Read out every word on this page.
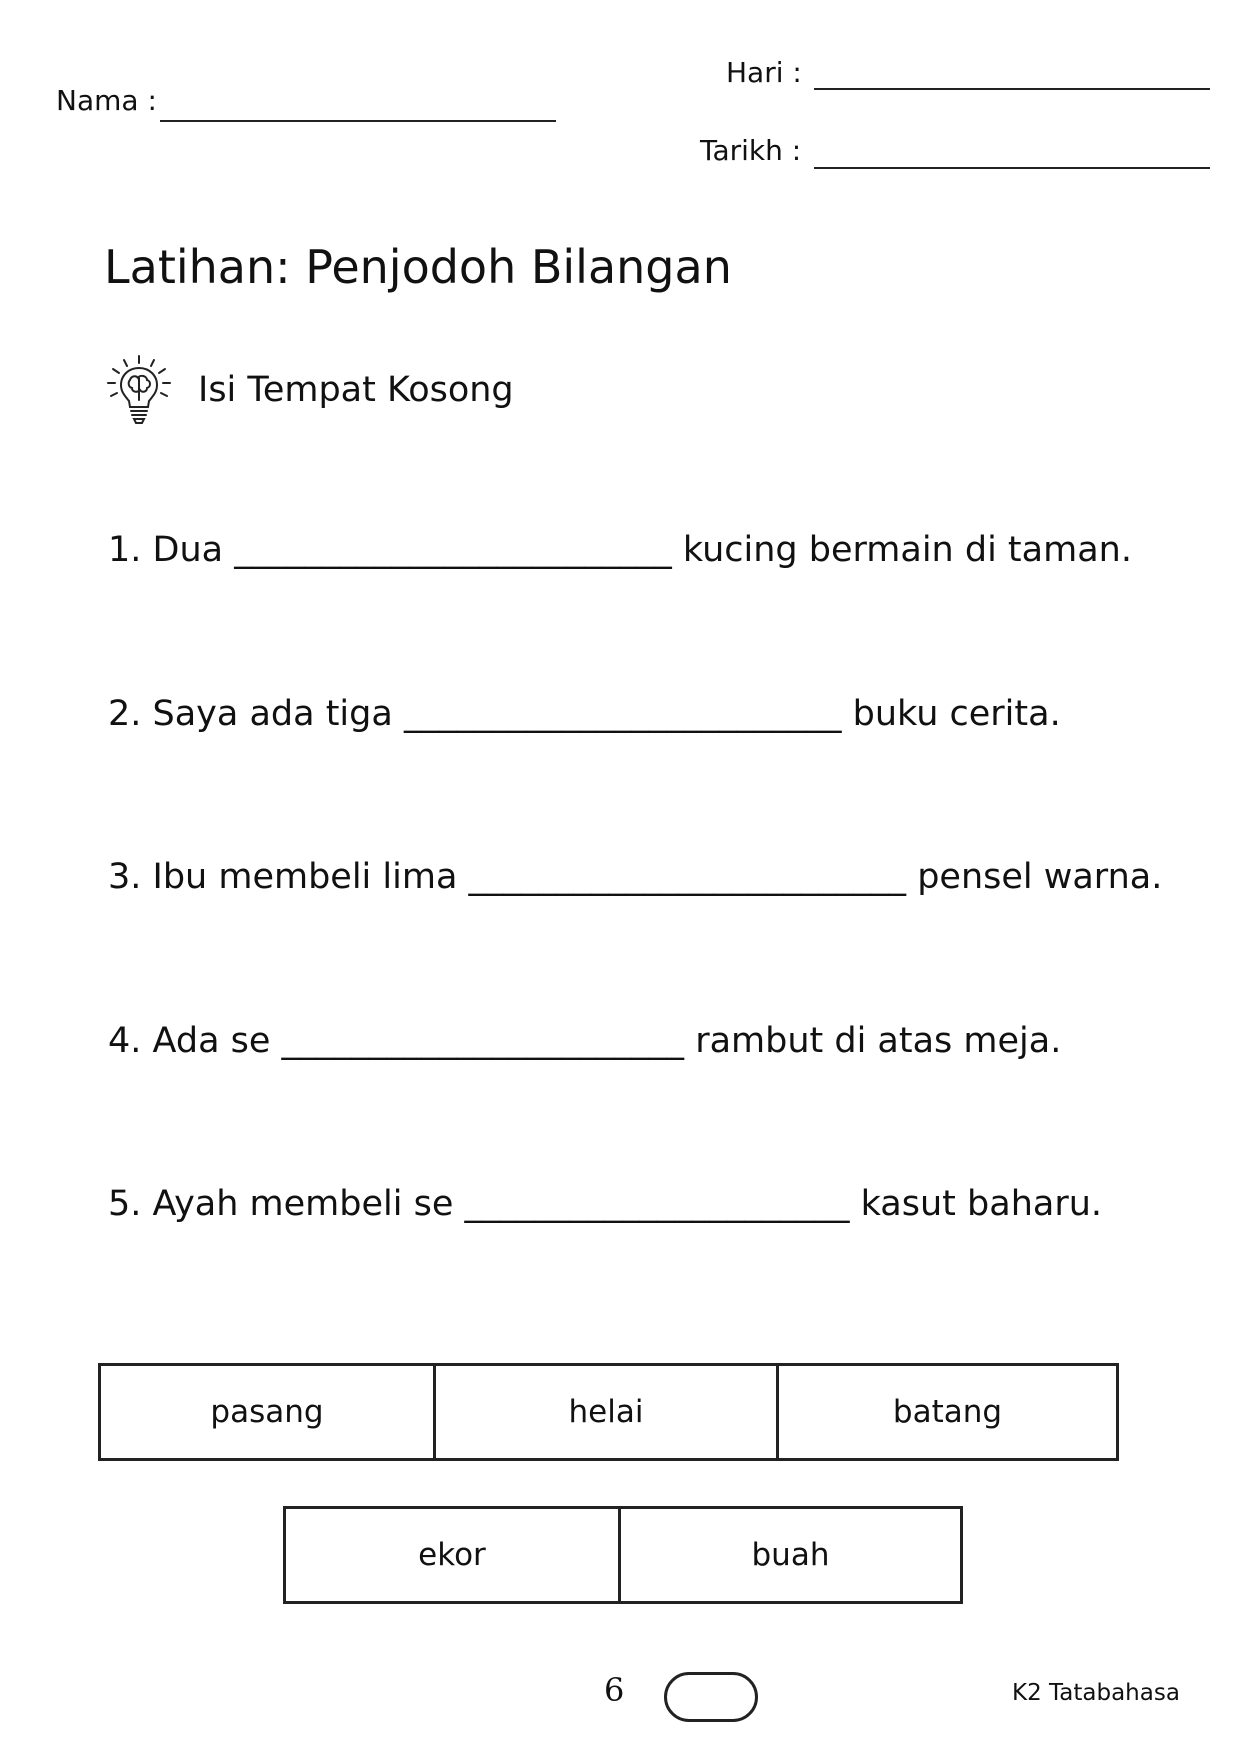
Nama :
Hari :
Tarikh :
Latihan: Penjodoh Bilangan
Isi Tempat Kosong
1. Dua _________________________ kucing bermain di taman.
2. Saya ada tiga _________________________ buku cerita.
3. Ibu membeli lima _________________________ pensel warna.
4. Ada se _______________________ rambut di atas meja.
5. Ayah membeli se ______________________ kasut baharu.
pasang	helai	batang
ekor	buah
6	K2 Tatabahasa
